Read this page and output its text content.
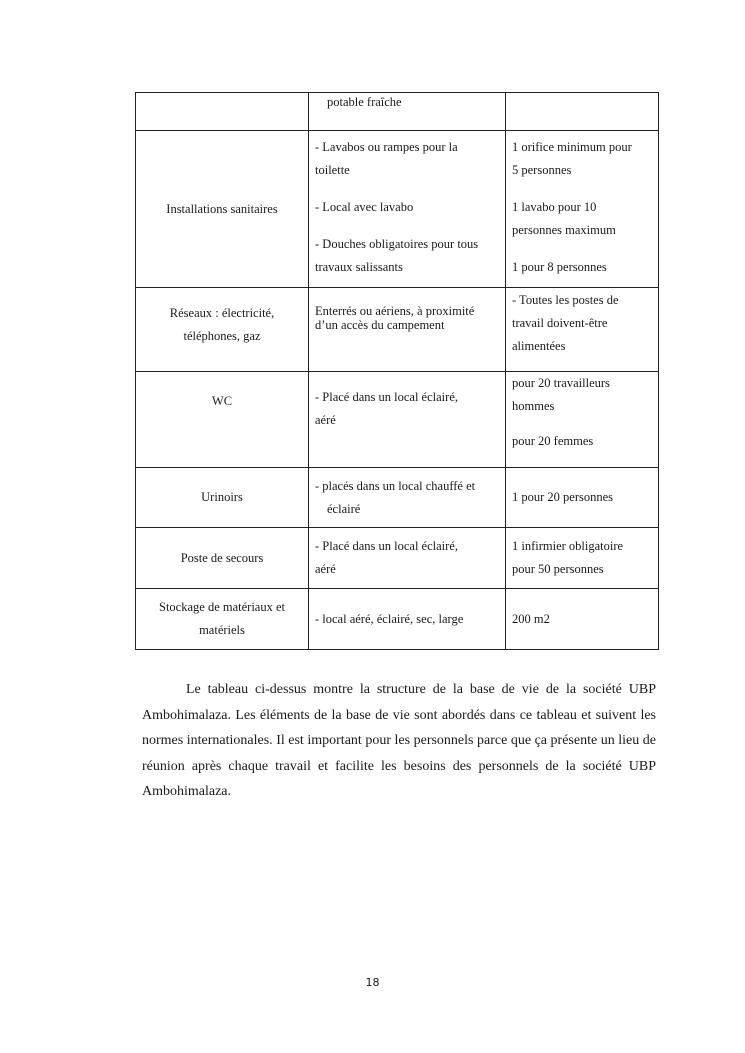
	potable fraîche	

Installations sanitaires	- Lavabos ou rampes pour la
toilette
- Local avec lavabo
- Douches obligatoires pour tous
travaux salissants	1 orifice minimum pour
5 personnes
1 lavabo pour 10
personnes maximum
1 pour 8 personnes

Réseaux : électricité,
téléphones, gaz	Enterrés ou aériens, à proximité
d’un accès du campement	- Toutes les postes de
travail doivent-être
alimentées

WC	- Placé dans un local éclairé,
aéré	pour 20 travailleurs
hommes
pour 20 femmes

Urinoirs	- placés dans un local chauffé et
éclairé	1 pour 20 personnes

Poste de secours	- Placé dans un local éclairé,
aéré	1 infirmier obligatoire
pour 50 personnes

Stockage de matériaux et
matériels	- local aéré, éclairé, sec, large	200 m2

Le tableau ci-dessus montre la structure de la base de vie de la société UBP Ambohimalaza. Les éléments de la base de vie sont abordés dans ce tableau et suivent les normes internationales. Il est important pour les personnels parce que ça présente un lieu de réunion après chaque travail et facilite les besoins des personnels de la société UBP Ambohimalaza.

18
